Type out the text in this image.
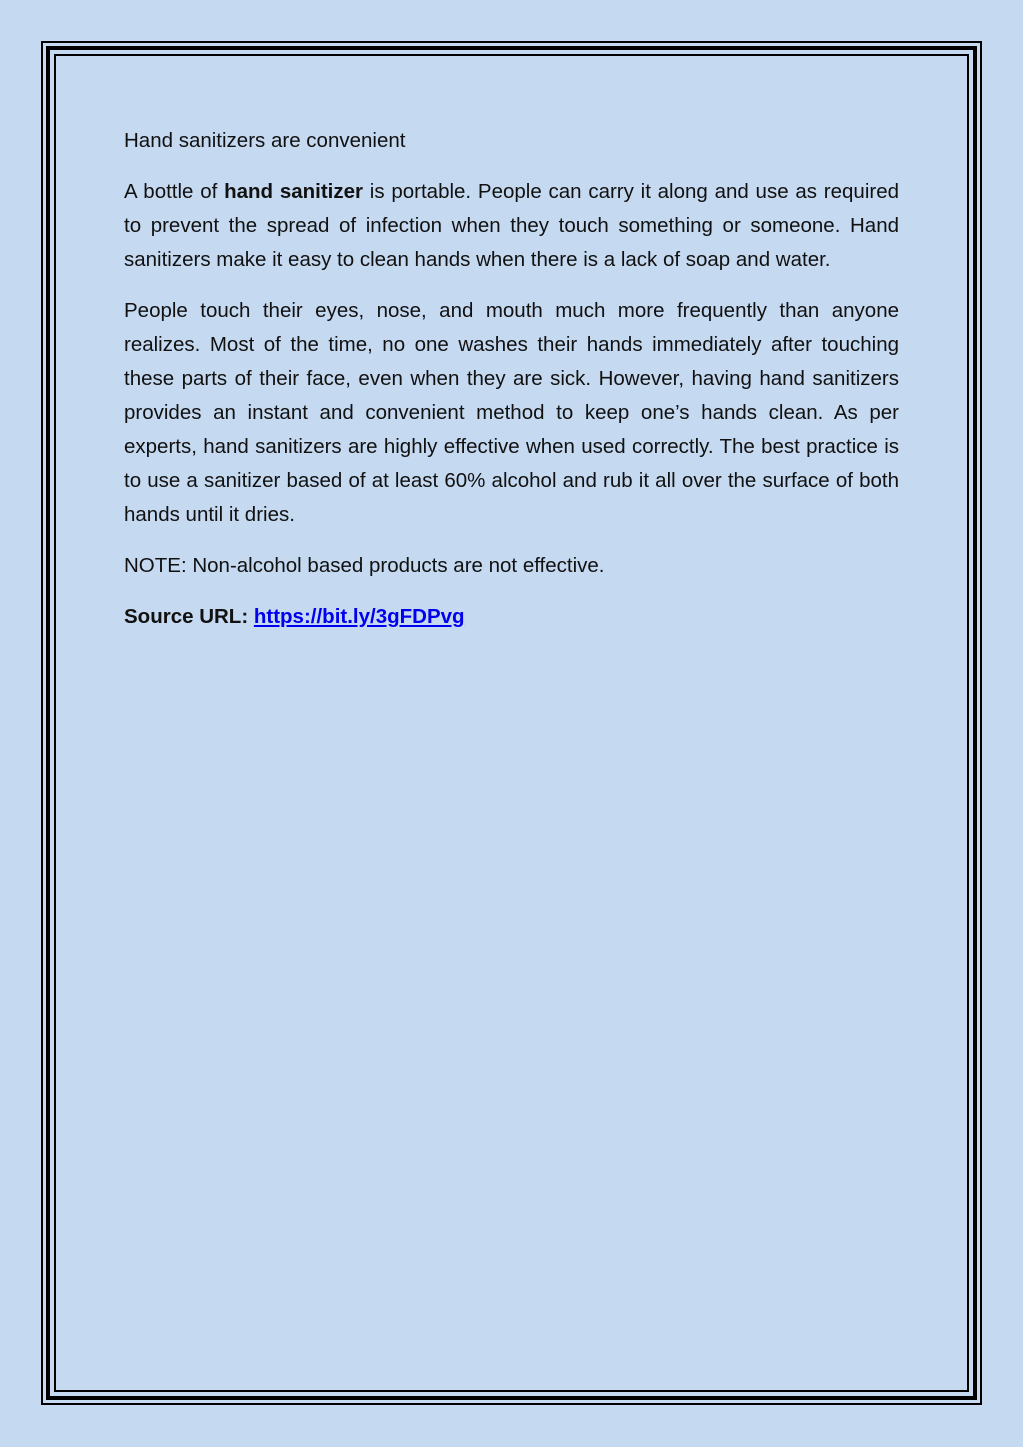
Hand sanitizers are convenient

A bottle of hand sanitizer is portable. People can carry it along and use as required to prevent the spread of infection when they touch something or someone. Hand sanitizers make it easy to clean hands when there is a lack of soap and water.

People touch their eyes, nose, and mouth much more frequently than anyone realizes. Most of the time, no one washes their hands immediately after touching these parts of their face, even when they are sick. However, having hand sanitizers provides an instant and convenient method to keep one’s hands clean. As per experts, hand sanitizers are highly effective when used correctly. The best practice is to use a sanitizer based of at least 60% alcohol and rub it all over the surface of both hands until it dries.

NOTE: Non-alcohol based products are not effective.

Source URL: https://bit.ly/3gFDPvg
